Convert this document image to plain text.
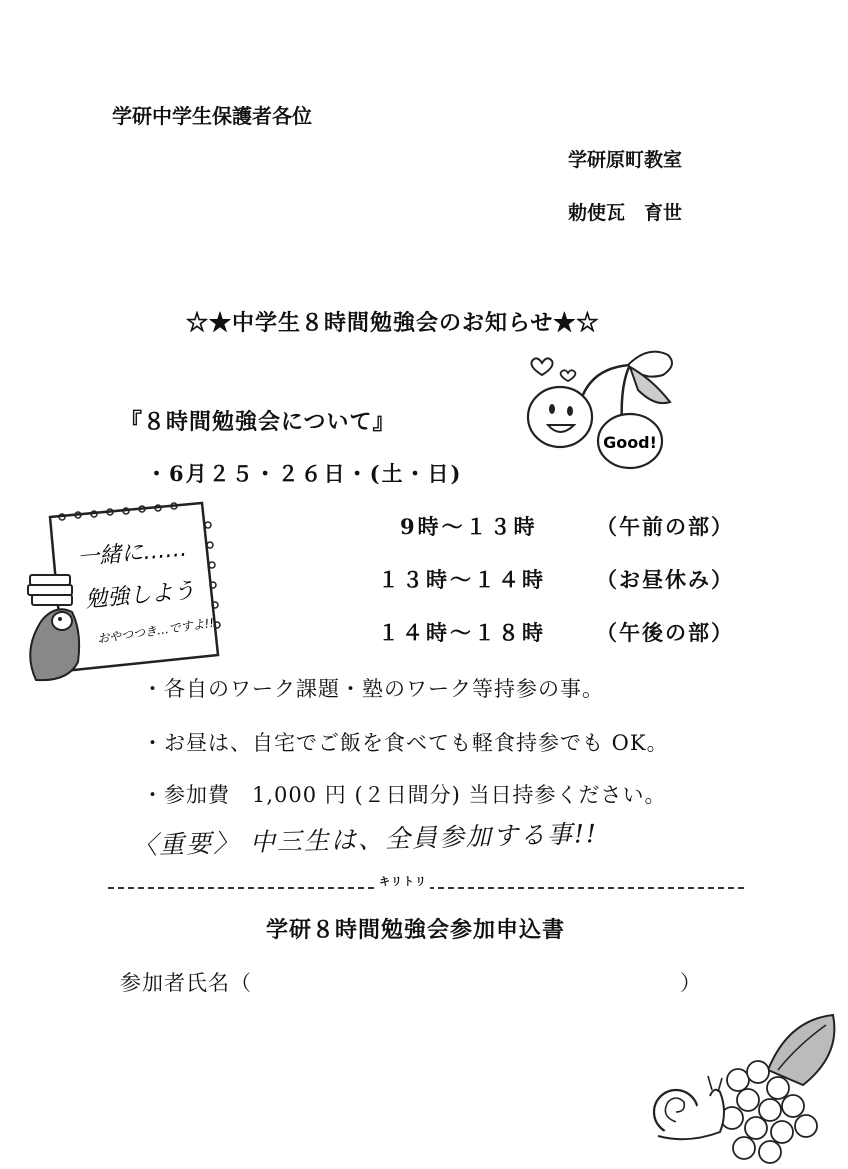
学研中学生保護者各位
学研原町教室
勅使瓦　育世
☆★中学生８時間勉強会のお知らせ★☆
Good!
『８時間勉強会について』
・6月２５・２６日・(土・日)
9時～１３時	（午前の部）
１３時～１４時 （お昼休み）
１４時～１８時 （午後の部）
一緒に……
勉強しよう
おやつつき…ですよ!!
・各自のワーク課題・塾のワーク等持参の事。
・お昼は、自宅でご飯を食べても軽食持参でも OK。
・参加費　1,000 円 (２日間分) 当日持参ください。
〈重要〉 中三生は、全員参加する事!!
キリトリ
学研８時間勉強会参加申込書
参加者氏名（	）
